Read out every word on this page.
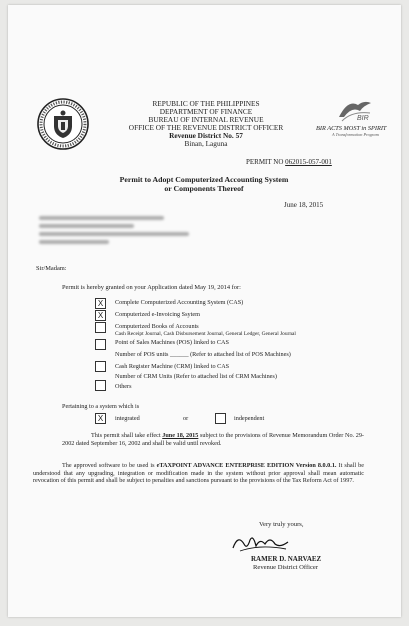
REPUBLIC OF THE PHILIPPINES
DEPARTMENT OF FINANCE
BUREAU OF INTERNAL REVENUE
OFFICE OF THE REVENUE DISTRICT OFFICER
Revenue District No. 57
Binan, Laguna
BIR
BIR ACTS MOST in SPIRIT
A Transformation Program
PERMIT NO 062015-057-001
Permit to Adopt Computerized Accounting System
or Components Thereof
June 18, 2015
Sir/Madam:
Permit is hereby granted on your Application dated May 19, 2014 for:
X	Complete Computerized Accounting System (CAS)
X	Computerized e-Invoicing Ssytem
Computerized Books of Accounts
Cash Receipt Journal, Cash Disbursement Journal, General Ledger, General Journal
Point of Sales Machines (POS) linked to CAS
Number of POS units ______ (Refer to attached list of POS Machines)
Cash Register Machine (CRM) linked to CAS
Number of CRM Units (Refer to attached list of CRM Machines)
Others
Pertaining to a system which is
X	integrated	or	independent
This permit shall take effect June 18, 2015 subject to the provisions of Revenue Memorandum Order No. 29-2002 dated September 16, 2002 and shall be valid until revoked.
The approved software to be used is eTAXPOINT ADVANCE ENTERPRISE EDITION Version 8.0.0.1. It shall be understood that any upgrading, integration or modification made in the system without prior approval shall mean automatic revocation of this permit and shall be subject to penalties and sanctions pursuant to the provisions of the Tax Reform Act of 1997.
Very truly yours,
RAMER D. NARVAEZ
Revenue District Officer
